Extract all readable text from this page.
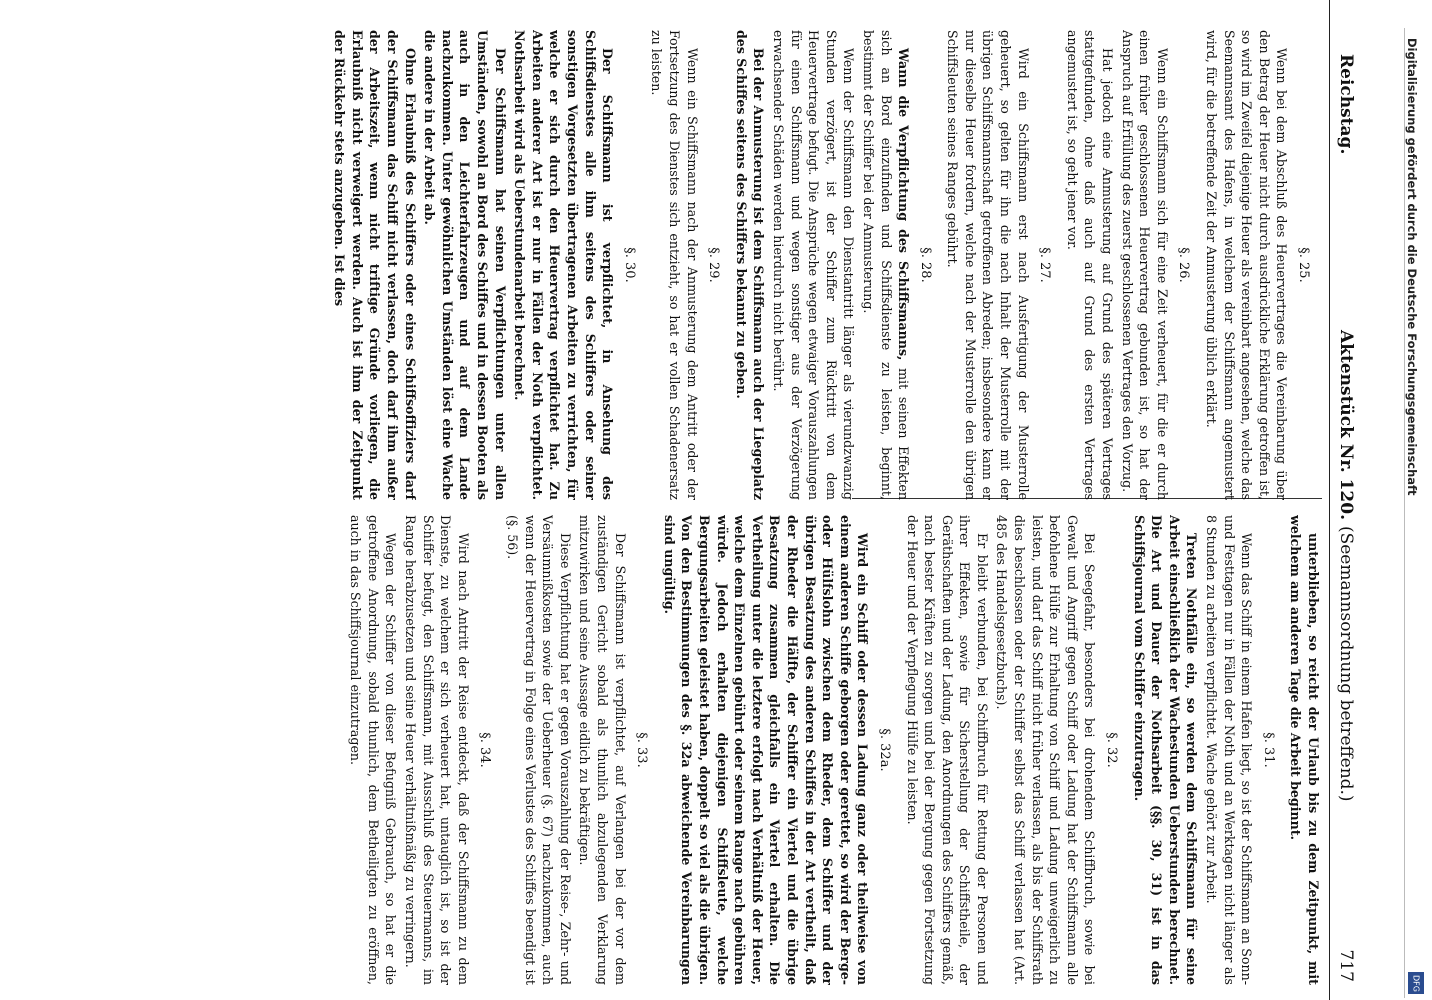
Reichstag.
Aktenstück Nr. 120. (Seemannsordnung betreffend.)
717
§. 25.
Wenn bei dem Abschluß des Heuervertrages die Vereinbarung über den Betrag der Heuer nicht durch ausdrückliche Erklärung getroffen ist, so wird im Zweifel diejenige Heuer als vereinbart angesehen, welche das Seemannsamt des Hafens, in welchem der Schiffsmann angemustert wird, für die betreffende Zeit der Anmusterung üblich erklärt.
§. 26.
Wenn ein Schiffsmann sich für eine Zeit verheuert, für die er durch einen früher geschlossenen Heuervertrag gebunden ist, so hat der Anspruch auf Erfüllung des zuerst geschlossenen Vertrages den Vorzug.
Hat jedoch eine Anmusterung auf Grund des späteren Vertrages stattgefunden, ohne daß auch auf Grund des ersten Vertrages angemustert ist, so geht jener vor.
§. 27.
Wird ein Schiffsmann erst nach Ausfertigung der Musterrolle geheuert, so gelten für ihn die nach Inhalt der Musterrolle mit der übrigen Schiffsmannschaft getroffenen Abreden; insbesondere kann er nur dieselbe Heuer fordern, welche nach der Musterrolle den übrigen Schiffsleuten seines Ranges gebührt.
§. 28.
Wann die Verpflichtung des Schiffsmanns, mit seinen Effekten sich an Bord einzufinden und Schiffsdienste zu leisten, beginnt, bestimmt der Schiffer bei der Anmusterung.
Wenn der Schiffsmann den Dienstantritt länger als vierundzwanzig Stunden verzögert, ist der Schiffer zum Rücktritt von dem Heuervertrage befugt. Die Ansprüche wegen etwaiger Vorauszahlungen für einen Schiffsmann und wegen sonstiger aus der Verzögerung erwachsender Schäden werden hierdurch nicht berührt.
Bei der Anmusterung ist dem Schiffsmann auch der Liegeplatz des Schiffes seitens des Schiffers bekannt zu geben.
§. 29.
Wenn ein Schiffsmann nach der Anmusterung dem Antritt oder der Fortsetzung des Dienstes sich entzieht, so hat er vollen Schadenersatz zu leisten.
§. 30.
Der Schiffsmann ist verpflichtet, in Ansehung des Schiffsdienstes alle ihm seitens des Schiffers oder seiner sonstigen Vorgesetzten übertragenen Arbeiten zu verrichten, für welche er sich durch den Heuervertrag verpflichtet hat. Zu Arbeiten anderer Art ist er nur in Fällen der Noth verpflichtet. Nothsarbeit wird als Ueberstundenarbeit berechnet.
Der Schiffsmann hat seinen Verpflichtungen unter allen Umständen, sowohl an Bord des Schiffes und in dessen Booten als auch in den Leichterfahrzeugen und auf dem Lande nachzukommen. Unter gewöhnlichen Umständen löst eine Wache die andere in der Arbeit ab.
Ohne Erlaubniß des Schiffers oder eines Schiffsoffiziers darf der Schiffsmann das Schiff nicht verlassen, doch darf ihm außer der Arbeitszeit, wenn nicht triftige Gründe vorliegen, die Erlaubniß nicht verweigert werden. Auch ist ihm der Zeitpunkt der Rückkehr stets anzugeben. Ist dies
unterblieben, so reicht der Urlaub bis zu dem Zeitpunkt, mit welchem am anderen Tage die Arbeit beginnt.
§. 31.
Wenn das Schiff in einem Hafen liegt, so ist der Schiffsmann an Sonn- und Festtagen nur in Fällen der Noth und an Werktagen nicht länger als 8 Stunden zu arbeiten verpflichtet. Wache gehört zur Arbeit.
Treten Nothfälle ein, so werden dem Schiffsmann für seine Arbeit einschließlich der Wachestunden Ueberstunden berechnet. Die Art und Dauer der Nothsarbeit (§§. 30, 31) ist in das Schiffsjournal vom Schiffer einzutragen.
§. 32.
Bei Seegefahr, besonders bei drohendem Schiffbruch, sowie bei Gewalt und Angriff gegen Schiff oder Ladung hat der Schiffsmann alle befohlene Hülfe zur Erhaltung von Schiff und Ladung unweigerlich zu leisten, und darf das Schiff nicht früher verlassen, als bis der Schiffsrath dies beschlossen oder der Schiffer selbst das Schiff verlassen hat (Art. 485 des Handelsgesetzbuchs).
Er bleibt verbunden, bei Schiffbruch für Rettung der Personen und ihrer Effekten, sowie für Sicherstellung der Schiffstheile, der Geräthschaften und der Ladung, den Anordnungen des Schiffers gemäß, nach bester Kräften zu sorgen und bei der Bergung gegen Fortsetzung der Heuer und der Verpflegung Hülfe zu leisten.
§. 32a.
Wird ein Schiff oder dessen Ladung ganz oder theilweise von einem anderen Schiffe geborgen oder gerettet, so wird der Berge- oder Hülfslohn zwischen dem Rheder, dem Schiffer und der übrigen Besatzung des anderen Schiffes in der Art vertheilt, daß der Rheder die Hälfte, der Schiffer ein Viertel und die übrige Besatzung zusammen gleichfalls ein Viertel erhalten. Die Vertheilung unter die letztere erfolgt nach Verhältniß der Heuer, welche dem Einzelnen gebührt oder seinem Range nach gebühren würde. Jedoch erhalten diejenigen Schiffsleute, welche Bergungsarbeiten geleistet haben, doppelt so viel als die übrigen. Von den Bestimmungen des §. 32a abweichende Vereinbarungen sind ungültig.
§. 33.
Der Schiffsmann ist verpflichtet, auf Verlangen bei der vor dem zuständigen Gericht sobald als thunlich abzulegenden Verklarung mitzuwirken und seine Aussage eidlich zu bekräftigen.
Diese Verpflichtung hat er gegen Vorauszahlung der Reise-, Zehr- und Versäumnißkosten sowie der Ueberheuer (§. 67) nachzukommen, auch wenn der Heuervertrag in Folge eines Verlustes des Schiffes beendigt ist (§. 56).
§. 34.
Wird nach Antritt der Reise entdeckt, daß der Schiffsmann zu dem Dienste, zu welchem er sich verheuert hat, untauglich ist, so ist der Schiffer befugt, den Schiffsmann, mit Ausschluß des Steuermanns, im Range herabzusetzen und seine Heuer verhältnißmäßig zu verringern.
Wegen der Schiffer von dieser Befugniß Gebrauch, so hat er die getroffene Anordnung, sobald thunlich, dem Betheiligten zu eröffnen, auch in das Schiffsjournal einzutragen.
Digitalisierung gefördert durch die Deutsche Forschungsgemeinschaft
DFG
